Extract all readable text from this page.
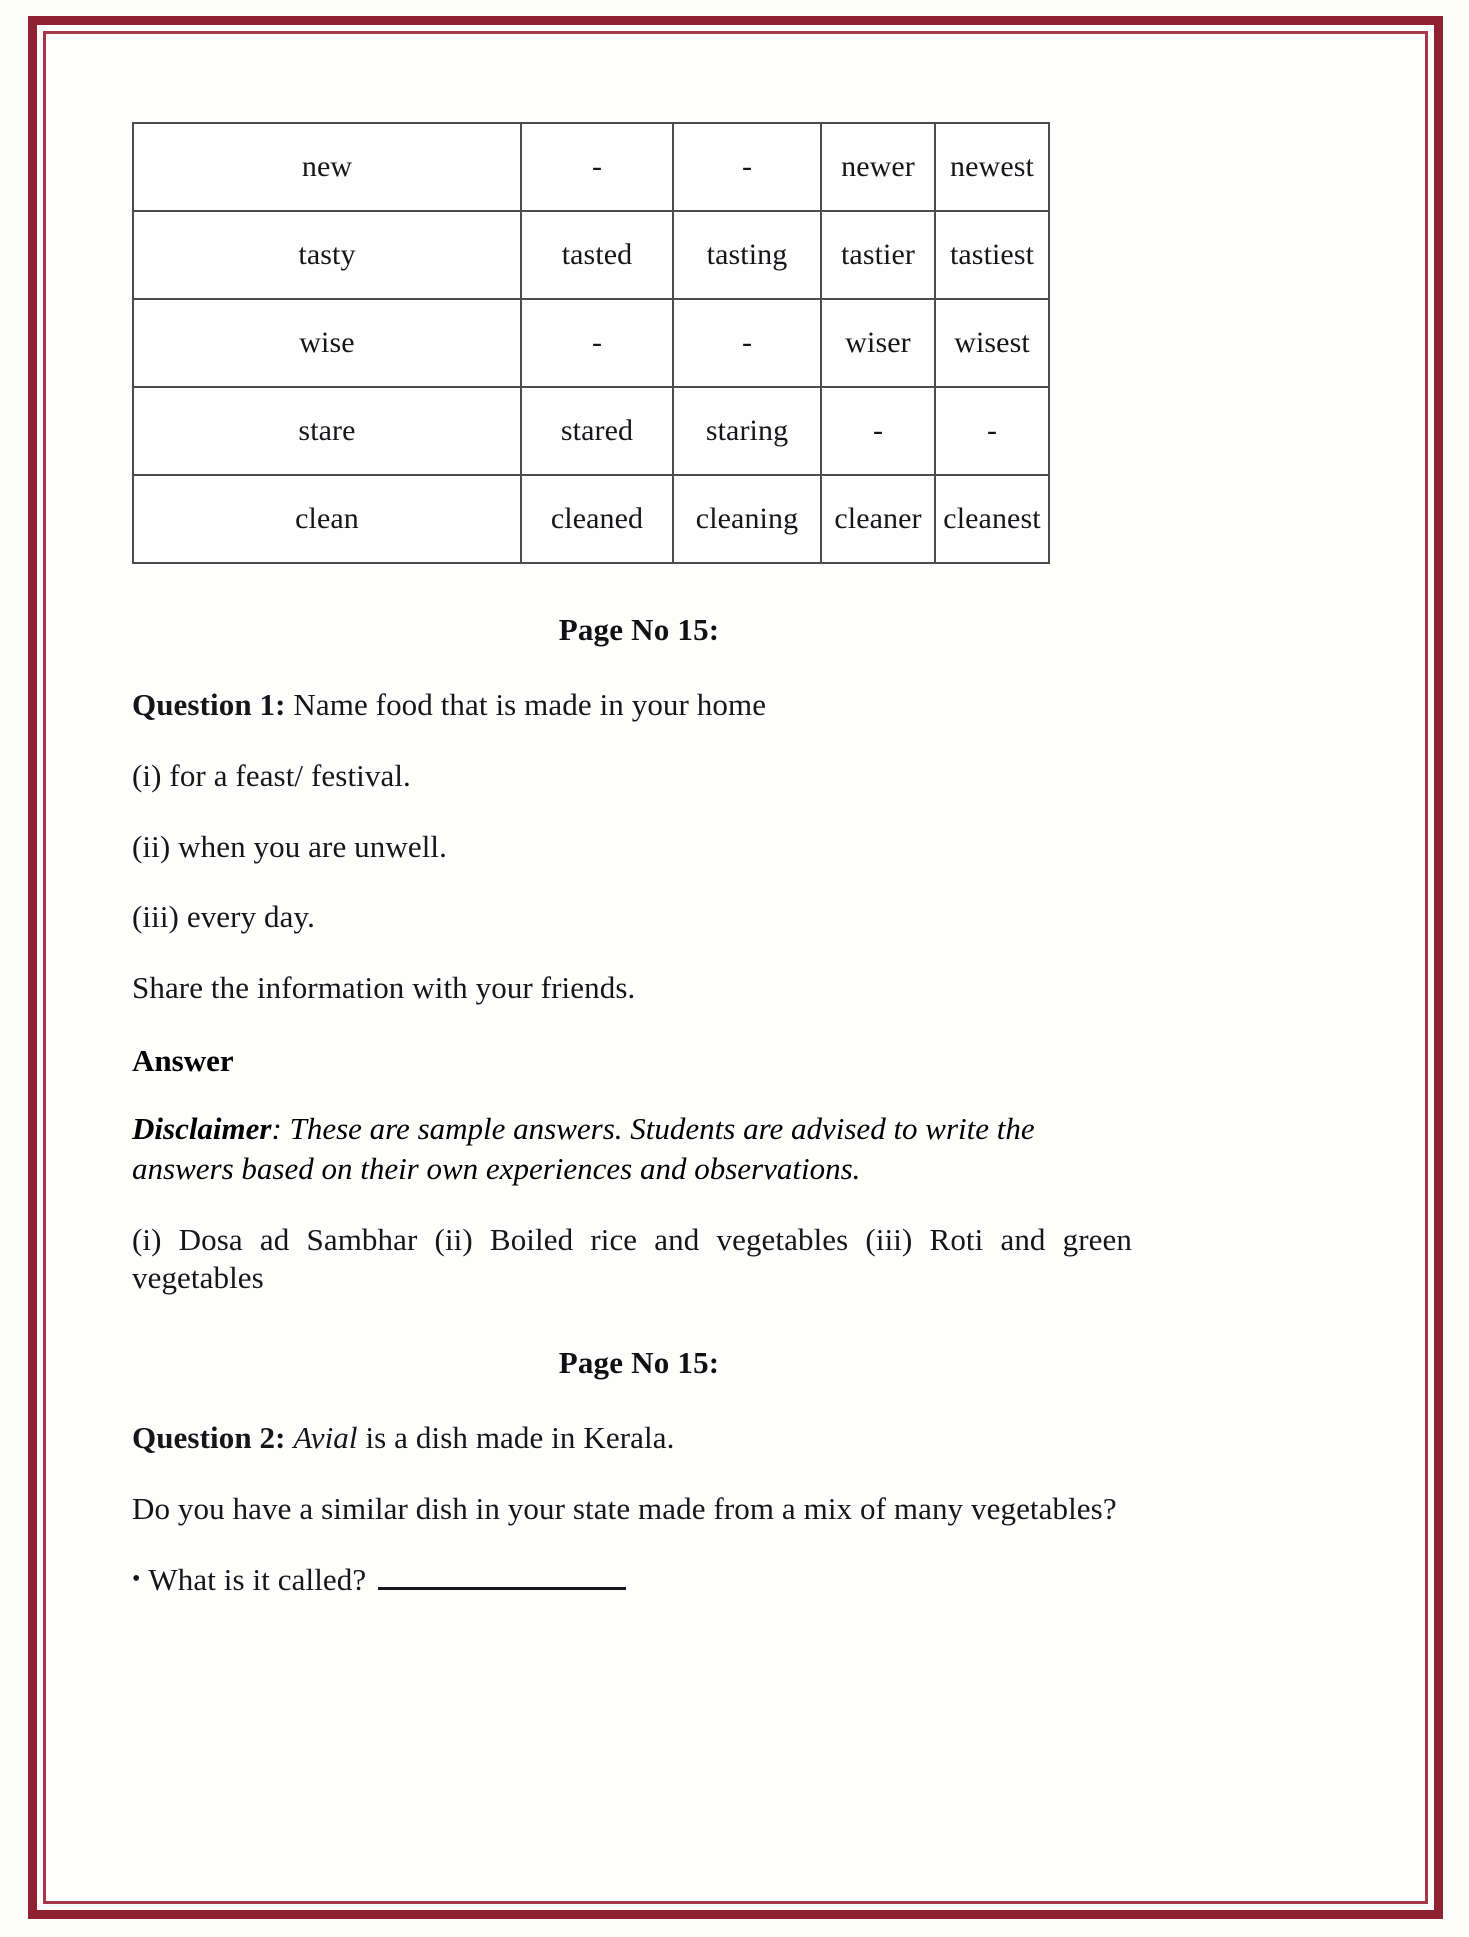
new	-	-	newer	newest
tasty	tasted	tasting	tastier	tastiest
wise	-	-	wiser	wisest
stare	stared	staring	-	-
clean	cleaned	cleaning	cleaner	cleanest
Page No 15:

Question 1: Name food that is made in your home

(i) for a feast/ festival.

(ii) when you are unwell.

(iii) every day.

Share the information with your friends.

Answer

Disclaimer: These are sample answers. Students are advised to write the answers based on their own experiences and observations.

(i) Dosa ad Sambhar (ii) Boiled rice and vegetables (iii) Roti and green vegetables

Page No 15:

Question 2: Avial is a dish made in Kerala.

Do you have a similar dish in your state made from a mix of many vegetables?

• What is it called?
